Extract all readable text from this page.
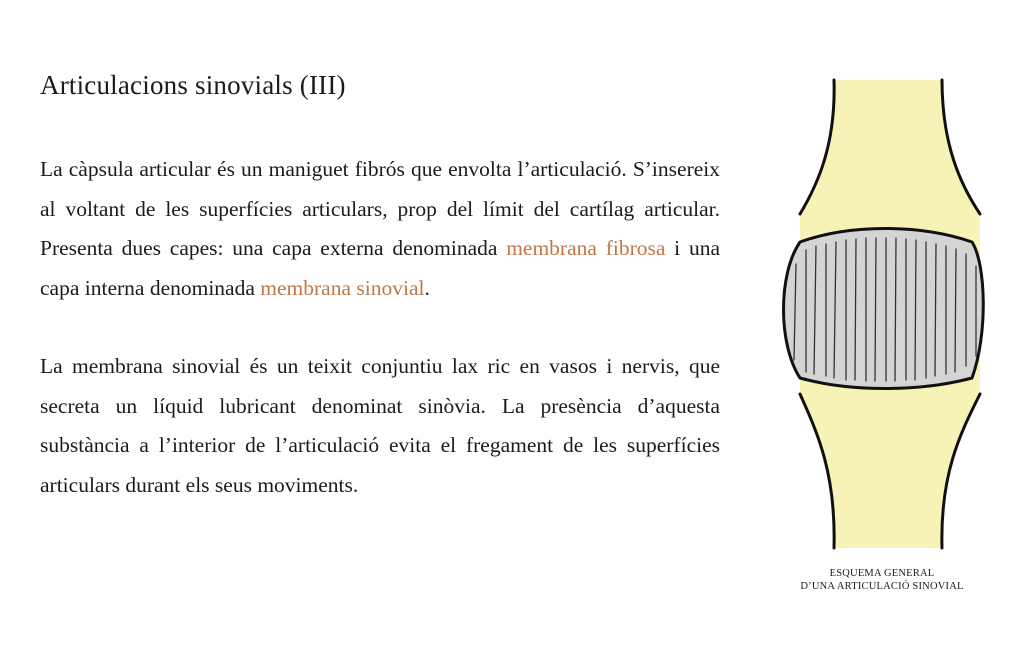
Articulacions sinovials (III)

La càpsula articular és un maniguet fibrós que envolta l’articulació. S’insereix al voltant de les superfícies articulars, prop del límit del cartílag articular. Presenta dues capes: una capa externa denominada membrana fibrosa i una capa interna denominada membrana sinovial.

La membrana sinovial és un teixit conjuntiu lax ric en vasos i nervis, que secreta un líquid lubricant denominat sinòvia. La presència d’aquesta substància a l’interior de l’articulació evita el fregament de les superfícies articulars durant els seus moviments.

ESQUEMA GENERAL
D’UNA ARTICULACIÓ SINOVIAL
